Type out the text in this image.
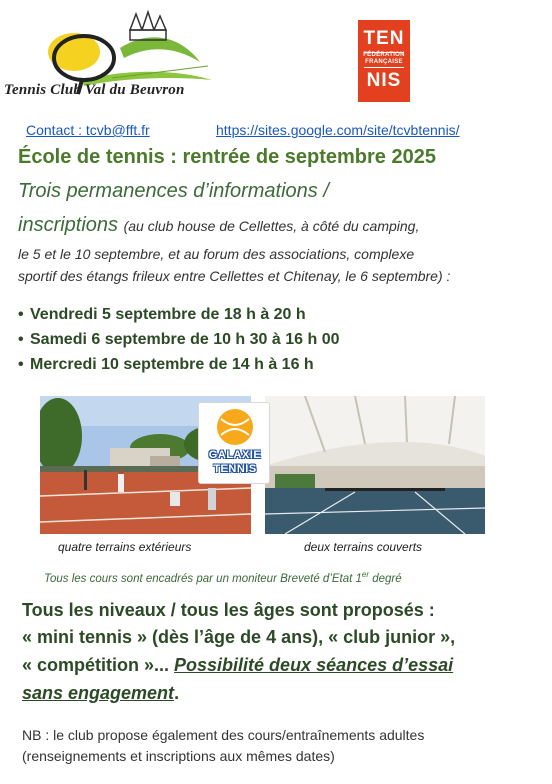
Tennis Club Val du Beuvron
TEN
FÉDÉRATION
FRANÇAISE
NIS
Contact : tcvb@fft.fr	https://sites.google.com/site/tcvbtennis/
École de tennis : rentrée de septembre 2025
Trois permanences d’informations /
inscriptions (au club house de Cellettes, à côté du camping,
le 5 et le 10 septembre, et au forum des associations, complexe
sportif des étangs frileux entre Cellettes et Chitenay, le 6 septembre) :
• Vendredi 5 septembre de 18 h à 20 h
• Samedi 6 septembre de 10 h 30 à 16 h 00
• Mercredi 10 septembre de 14 h à 16 h
GALAXIE
TENNIS
quatre terrains extérieurs	deux terrains couverts
Tous les cours sont encadrés par un moniteur Breveté d’Etat 1er degré
Tous les niveaux / tous les âges sont proposés :
« mini tennis » (dès l’âge de 4 ans), « club junior »,
« compétition »... Possibilité deux séances d’essai
sans engagement.
NB : le club propose également des cours/entraînements adultes
(renseignements et inscriptions aux mêmes dates)
